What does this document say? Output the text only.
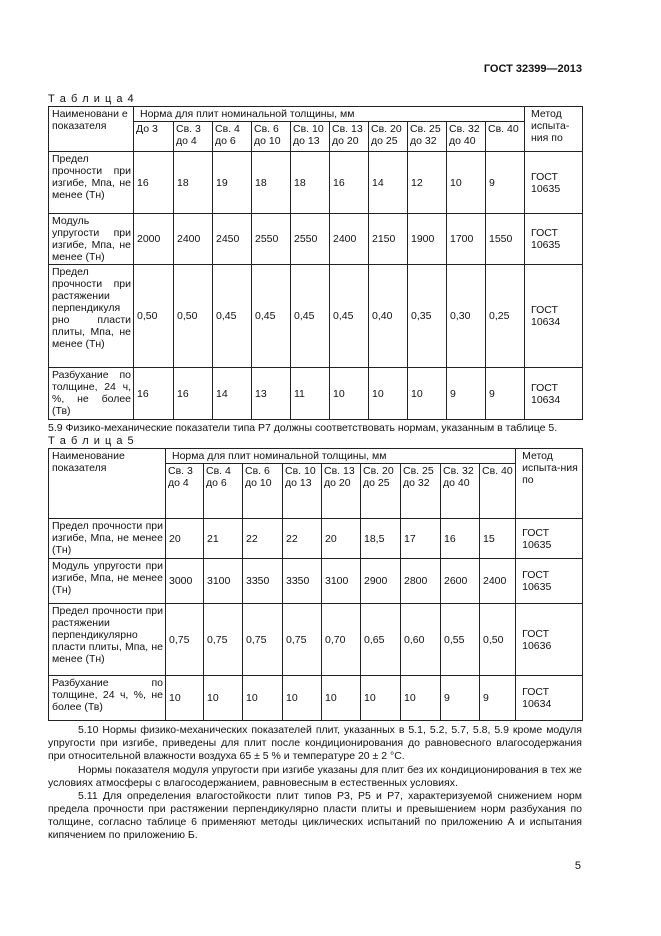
ГОСТ 32399—2013
Т а б л и ц а 4
Наименовани е показателя	Норма для плит номинальной толщины, мм										Метод испыта-ния по
	До 3	Св. 3 до 4	Св. 4 до 6	Св. 6 до 10	Св. 10 до 13	Св. 13 до 20	Св. 20 до 25	Св. 25 до 32	Св. 32 до 40	Св. 40	
Предел прочности при изгибе, Мпа, не менее (Тн)	16	18	19	18	18	16	14	12	10	9	ГОСТ 10635
Модуль упругости при изгибе, Мпа, не менее (Тн)	2000	2400	2450	2550	2550	2400	2150	1900	1700	1550	ГОСТ 10635
Предел прочности при растяжении перпендикуля рно пласти плиты, Мпа, не менее (Тн)	0,50	0,50	0,45	0,45	0,45	0,45	0,40	0,35	0,30	0,25	ГОСТ 10634
Разбухание по толщине, 24 ч, %, не более (Тв)	16	16	14	13	11	10	10	10	9	9	ГОСТ 10634

5.9 Физико-механические показатели типа Р7 должны соответствовать нормам, указанным в таблице 5.

Т а б л и ц а 5
Наименование показателя	Норма для плит номинальной толщины, мм									Метод испыта-ния по
	Св. 3 до 4	Св. 4 до 6	Св. 6 до 10	Св. 10 до 13	Св. 13 до 20	Св. 20 до 25	Св. 25 до 32	Св. 32 до 40	Св. 40	
Предел прочности при изгибе, Мпа, не менее (Тн)	20	21	22	22	20	18,5	17	16	15	ГОСТ 10635
Модуль упругости при изгибе, Мпа, не менее (Тн)	3000	3100	3350	3350	3100	2900	2800	2600	2400	ГОСТ 10635
Предел прочности при растяжении перпендикулярно пласти плиты, Мпа, не менее (Тн)	0,75	0,75	0,75	0,75	0,70	0,65	0,60	0,55	0,50	ГОСТ 10636
Разбухание по толщине, 24 ч, %, не более (Тв)	10	10	10	10	10	10	10	9	9	ГОСТ 10634

5.10 Нормы физико-механических показателей плит, указанных в 5.1, 5.2, 5.7, 5.8, 5.9 кроме модуля упругости при изгибе, приведены для плит после кондиционирования до равновесного влагосодержания при относительной влажности воздуха 65 ± 5 % и температуре 20 ± 2 °С.

Нормы показателя модуля упругости при изгибе указаны для плит без их кондиционирования в тех же условиях атмосферы с влагосодержанием, равновесным в естественных условиях.

5.11 Для определения влагостойкости плит типов Р3, Р5 и Р7, характеризуемой снижением норм предела прочности при растяжении перпендикулярно пласти плиты и превышением норм разбухания по толщине, согласно таблице 6 применяют методы циклических испытаний по приложению А и испытания кипячением по приложению Б.

5
